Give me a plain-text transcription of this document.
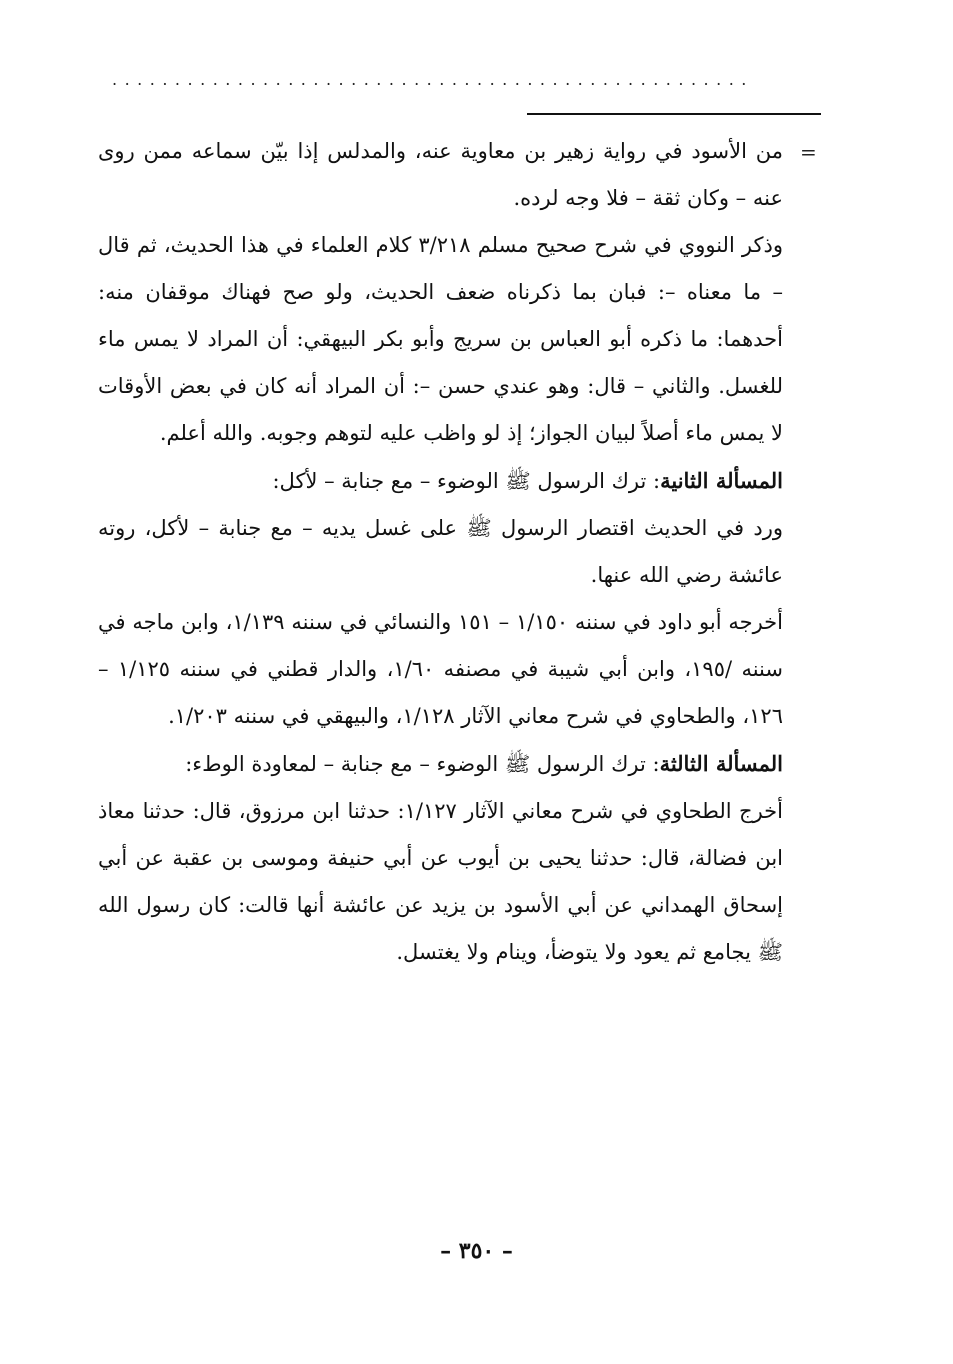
...................................................
=

من الأسود في رواية زهير بن معاوية عنه، والمدلس إذا بيّن سماعه ممن روى عنه – وكان ثقة – فلا وجه لرده.

وذكر النووي في شرح صحيح مسلم ٣/٢١٨ كلام العلماء في هذا الحديث، ثم قال – ما معناه –: فبان بما ذكرناه ضعف الحديث، ولو صح فهناك موقفان منه: أحدهما: ما ذكره أبو العباس بن سريج وأبو بكر البيهقي: أن المراد لا يمس ماء للغسل. والثاني – قال: وهو عندي حسن –: أن المراد أنه كان في بعض الأوقات لا يمس ماء أصلاً لبيان الجواز؛ إذ لو واظب عليه لتوهم وجوبه. والله أعلم.

المسألة الثانية: ترك الرسول ﷺ الوضوء – مع جنابة – لأكل:

ورد في الحديث اقتصار الرسول ﷺ على غسل يديه – مع جنابة – لأكل، روته عائشة رضي الله عنها.

أخرجه أبو داود في سننه ١/١٥٠ – ١٥١ والنسائي في سننه ١/١٣٩، وابن ماجه في سننه /١٩٥، وابن أبي شيبة في مصنفه ١/٦٠، والدار قطني في سننه ١/١٢٥ –١٢٦، والطحاوي في شرح معاني الآثار ١/١٢٨، والبيهقي في سننه ١/٢٠٣.

المسألة الثالثة: ترك الرسول ﷺ الوضوء – مع جنابة – لمعاودة الوطء:

أخرج الطحاوي في شرح معاني الآثار ١/١٢٧: حدثنا ابن مرزوق، قال: حدثنا معاذ ابن فضالة، قال: حدثنا يحيى بن أيوب عن أبي حنيفة وموسى بن عقبة عن أبي إسحاق الهمداني عن أبي الأسود بن يزيد عن عائشة أنها قالت: كان رسول الله ﷺ يجامع ثم يعود ولا يتوضأ، وينام ولا يغتسل.

– ٣٥٠ –
